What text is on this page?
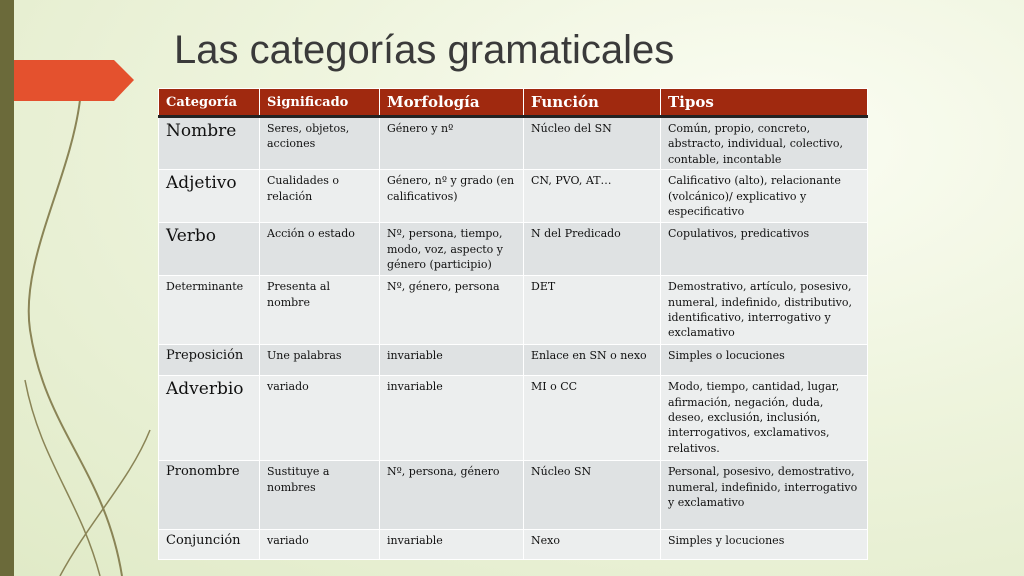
Las categorías gramaticales
Categoría	Significado	Morfología	Función	Tipos
Nombre	Seres, objetos, acciones	Género y nº	Núcleo del SN	Común, propio, concreto, abstracto, individual, colectivo, contable, incontable
Adjetivo	Cualidades o relación	Género, nº y grado (en calificativos)	CN, PVO, AT…	Calificativo (alto), relacionante (volcánico)/ explicativo y especificativo
Verbo	Acción o estado	Nº, persona, tiempo, modo, voz, aspecto y género (participio)	N del Predicado	Copulativos, predicativos
Determinante	Presenta al nombre	Nº, género, persona	DET	Demostrativo, artículo, posesivo, numeral, indefinido, distributivo, identificativo, interrogativo y exclamativo
Preposición	Une palabras	invariable	Enlace en SN o nexo	Simples o locuciones
Adverbio	variado	invariable	MI o CC	Modo, tiempo, cantidad, lugar, afirmación, negación, duda, deseo, exclusión, inclusión, interrogativos, exclamativos, relativos.
Pronombre	Sustituye a nombres	Nº, persona, género	Núcleo SN	Personal, posesivo, demostrativo, numeral, indefinido, interrogativo y exclamativo
Conjunción	variado	invariable	Nexo	Simples y locuciones
